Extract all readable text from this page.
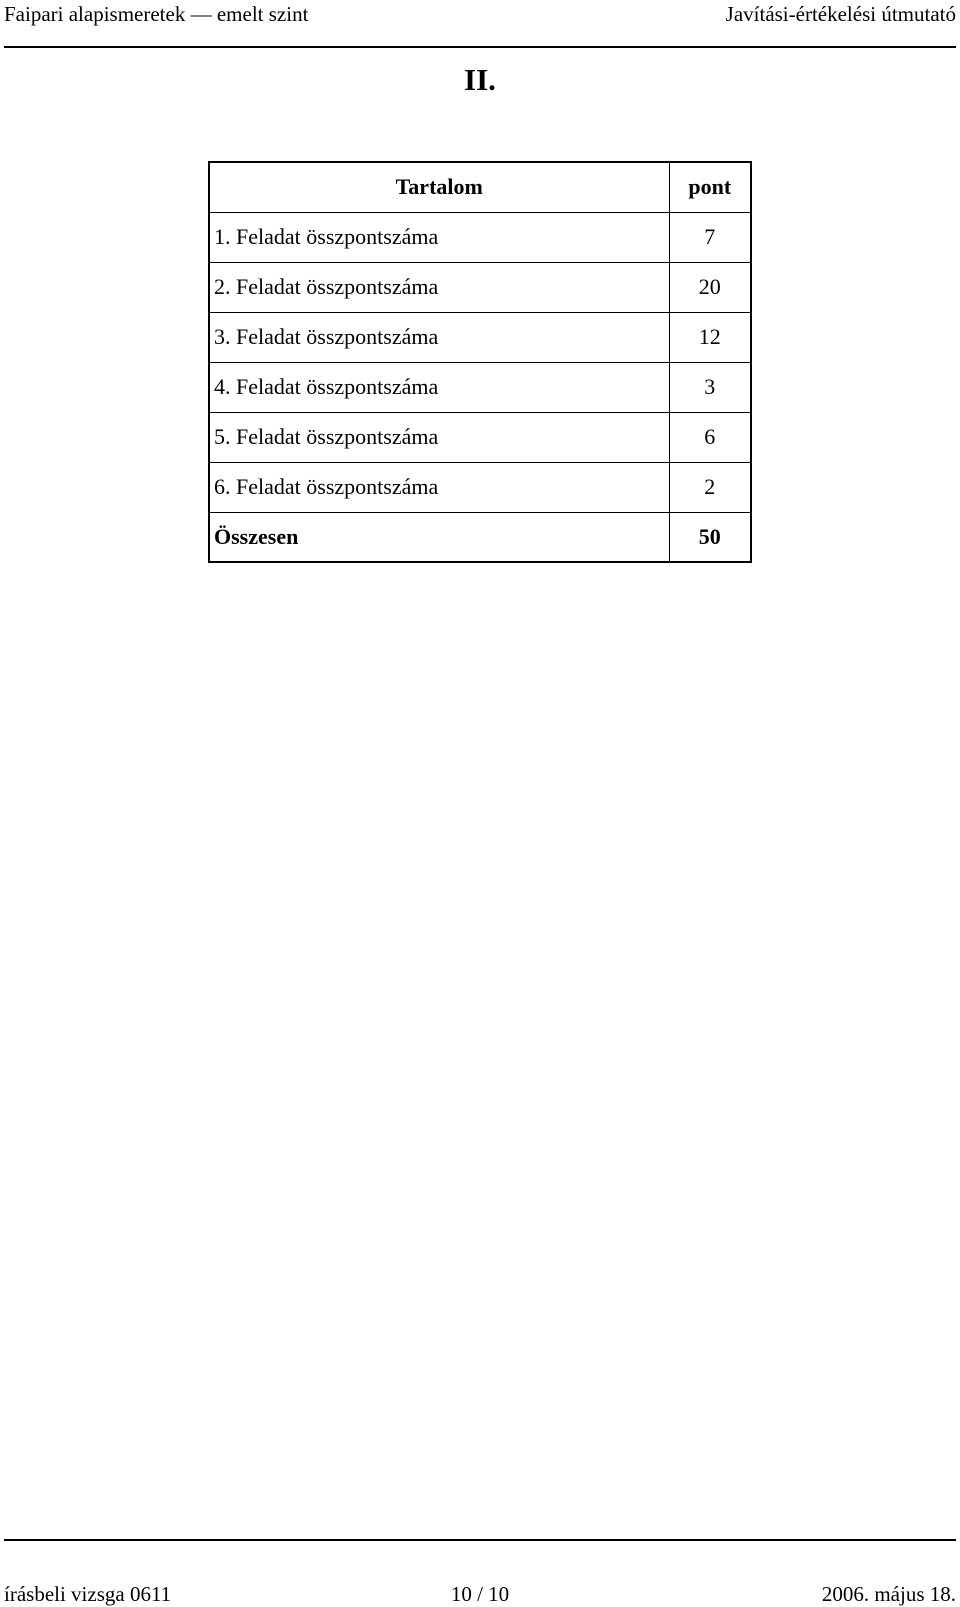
Faipari alapismeretek — emelt szint	Javítási-értékelési útmutató
II.
Tartalom	pont
1. Feladat összpontszáma	7
2. Feladat összpontszáma	20
3. Feladat összpontszáma	12
4. Feladat összpontszáma	3
5. Feladat összpontszáma	6
6. Feladat összpontszáma	2
Összesen	50
írásbeli vizsga 0611	10 / 10	2006. május 18.
